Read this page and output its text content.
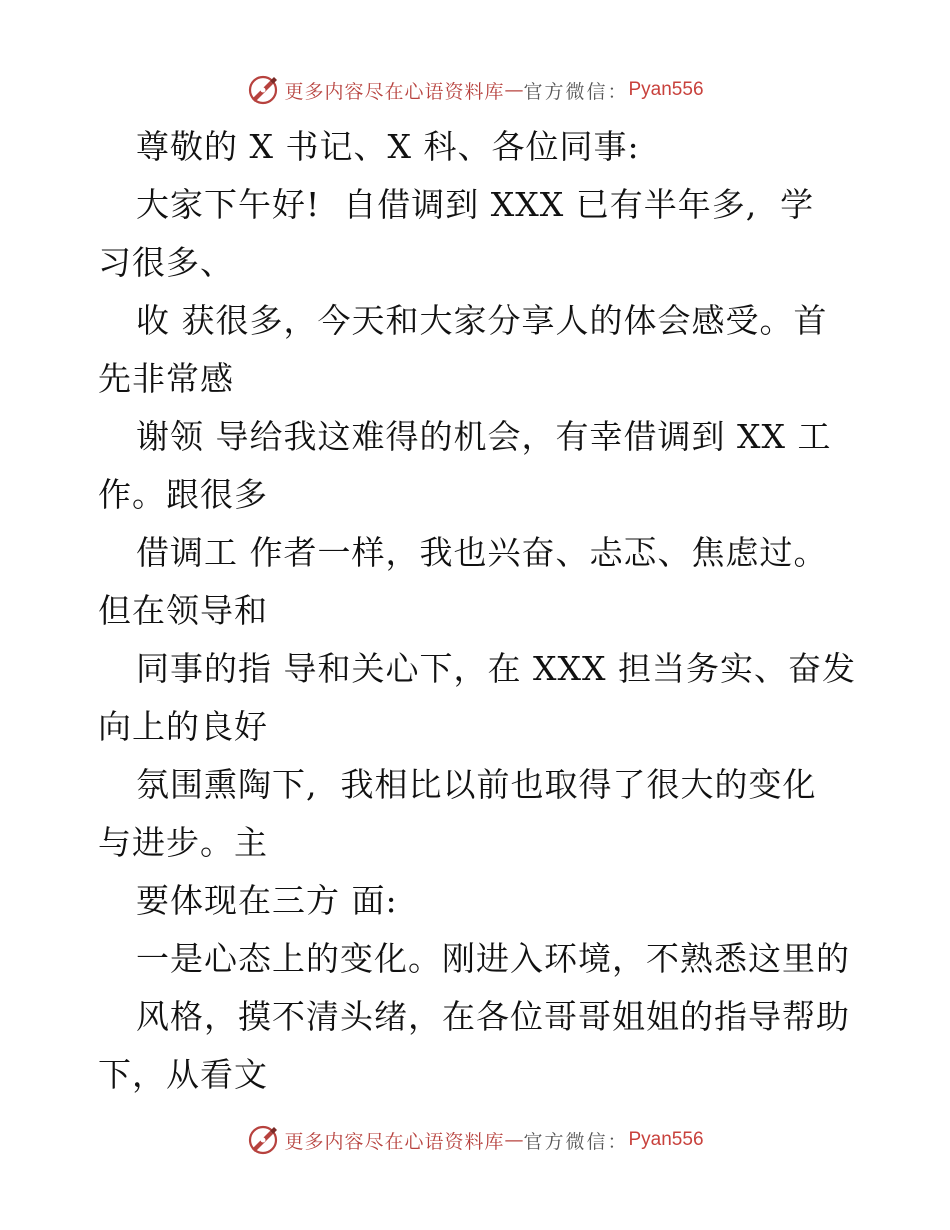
更多内容尽在心语资料库 — 官方微信： Pyan556
尊敬的 X 书记、X 科、各位同事:
大家下午好!  自借调到 XXX 已有半年多,  学
习很多、
收 获很多，今天和大家分享人的体会感受。首
先非常感
谢领 导给我这难得的机会，有幸借调到 XX 工
作。跟很多
借调工 作者一样，我也兴奋、忐忑、焦虑过。
但在领导和
同事的指 导和关心下，在 XXX 担当务实、奋发
向上的良好
氛围熏陶下,  我相比以前也取得了很大的变化
与进步。主
要体现在三方 面:
一是心态上的变化。刚进入环境，不熟悉这里的
风格，摸不清头绪，在各位哥哥姐姐的指导帮助
下，从看文
更多内容尽在心语资料库 — 官方微信： Pyan556
